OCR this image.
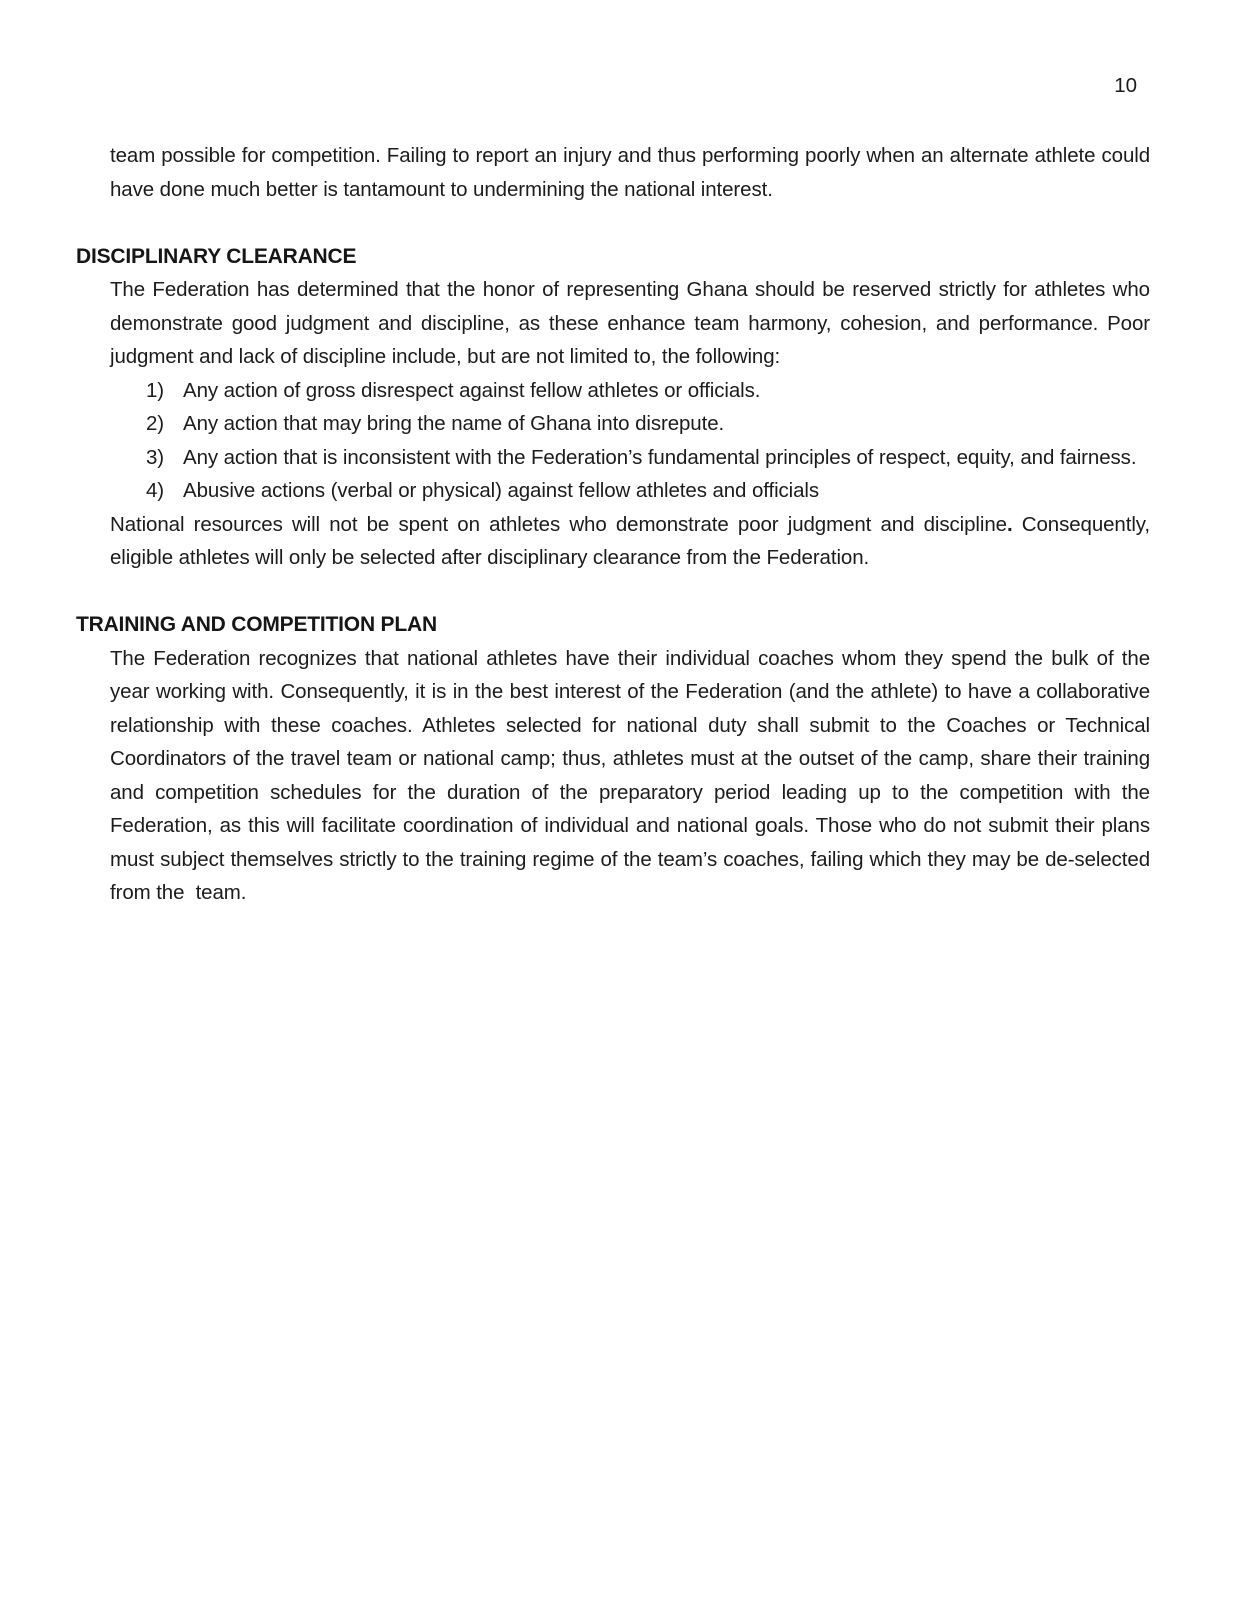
10

team possible for competition. Failing to report an injury and thus performing poorly when an alternate athlete could have done much better is tantamount to undermining the national interest.

DISCIPLINARY CLEARANCE

The Federation has determined that the honor of representing Ghana should be reserved strictly for athletes who demonstrate good judgment and discipline, as these enhance team harmony, cohesion, and performance. Poor judgment and lack of discipline include, but are not limited to, the following:

1) Any action of gross disrespect against fellow athletes or officials.
2) Any action that may bring the name of Ghana into disrepute.
3) Any action that is inconsistent with the Federation’s fundamental principles of respect, equity, and fairness.
4) Abusive actions (verbal or physical) against fellow athletes and officials

National resources will not be spent on athletes who demonstrate poor judgment and discipline. Consequently, eligible athletes will only be selected after disciplinary clearance from the Federation.

TRAINING AND COMPETITION PLAN

The Federation recognizes that national athletes have their individual coaches whom they spend the bulk of the year working with. Consequently, it is in the best interest of the Federation (and the athlete) to have a collaborative relationship with these coaches. Athletes selected for national duty shall submit to the Coaches or Technical Coordinators of the travel team or national camp; thus, athletes must at the outset of the camp, share their training and competition schedules for the duration of the preparatory period leading up to the competition with the Federation, as this will facilitate coordination of individual and national goals. Those who do not submit their plans must subject themselves strictly to the training regime of the team’s coaches, failing which they may be de-selected from the  team.
